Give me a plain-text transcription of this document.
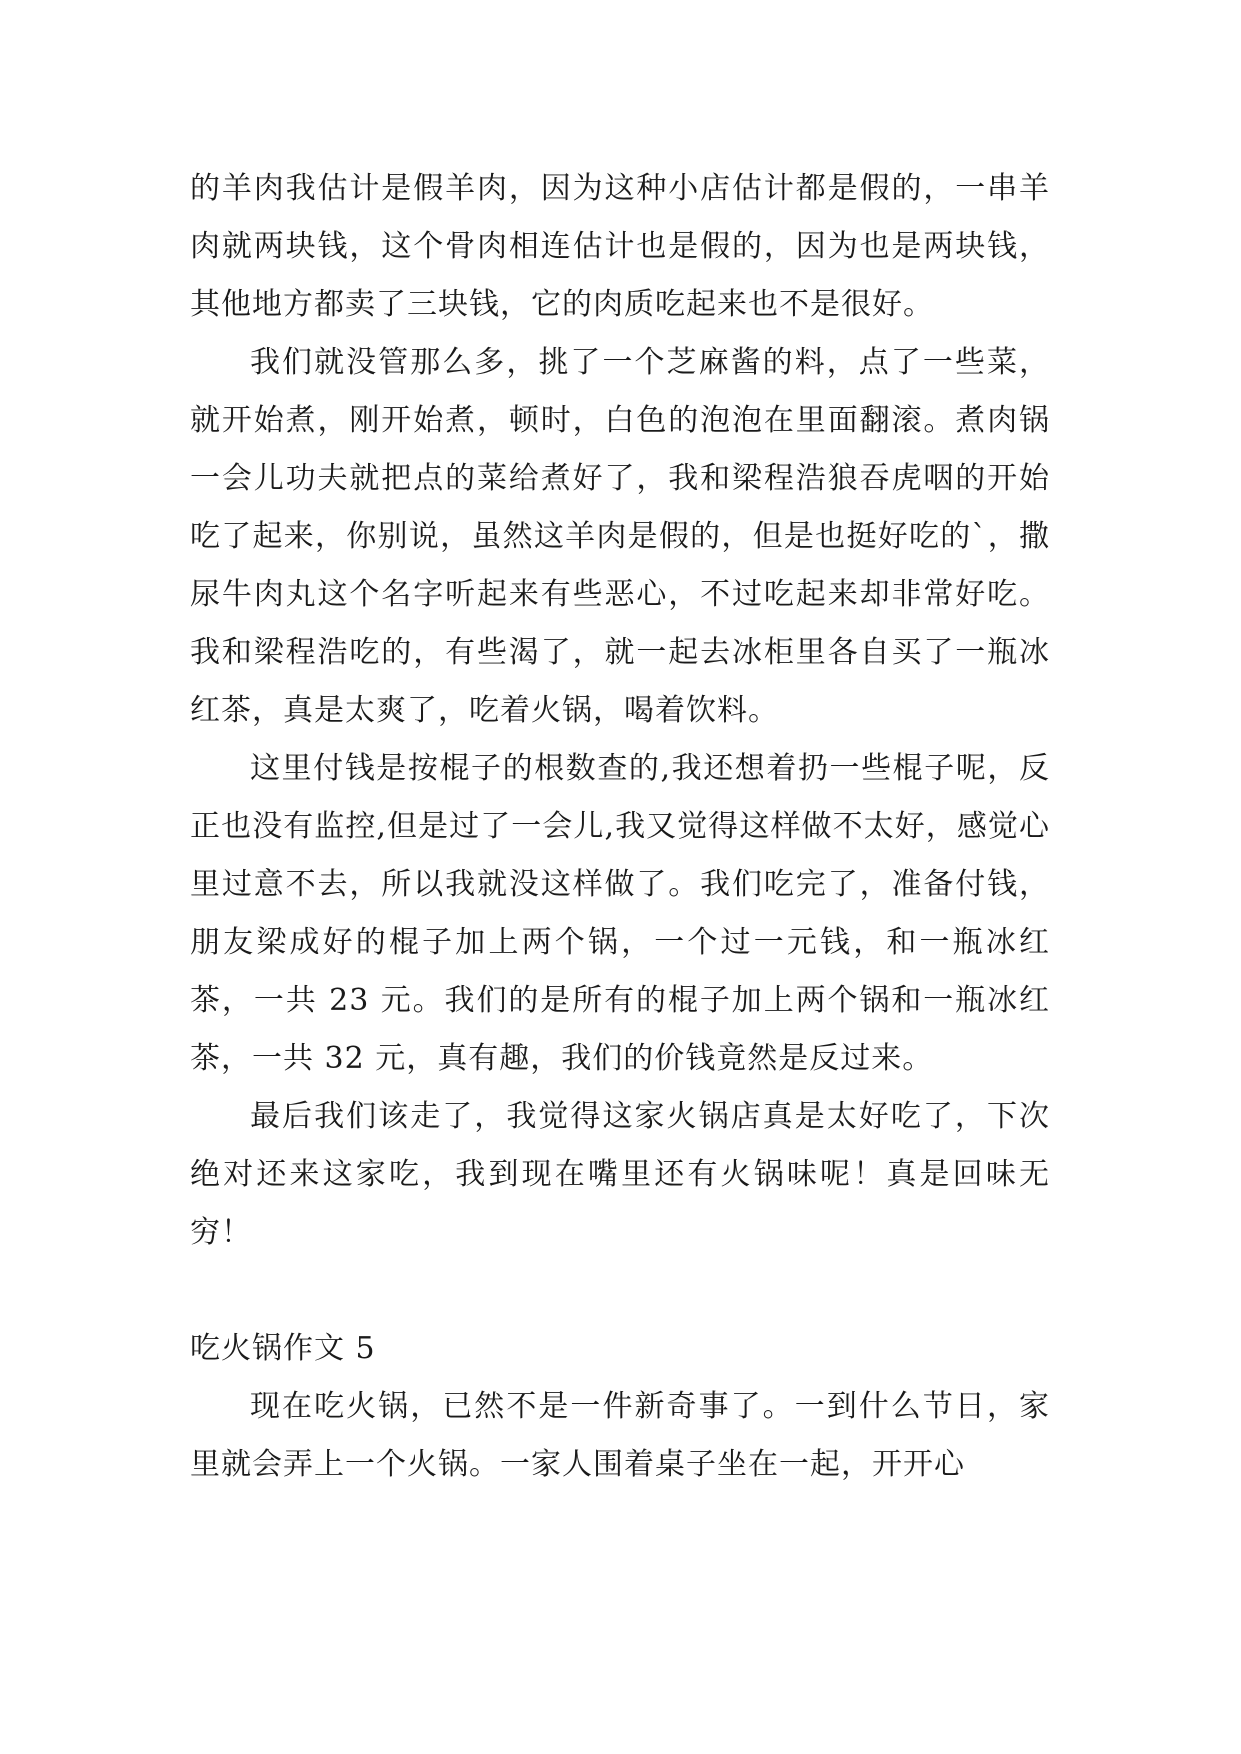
的羊肉我估计是假羊肉，因为这种小店估计都是假的，一串羊肉就两块钱，这个骨肉相连估计也是假的，因为也是两块钱，其他地方都卖了三块钱，它的肉质吃起来也不是很好。

我们就没管那么多，挑了一个芝麻酱的料，点了一些菜，就开始煮，刚开始煮，顿时，白色的泡泡在里面翻滚。煮肉锅一会儿功夫就把点的菜给煮好了，我和梁程浩狼吞虎咽的开始吃了起来，你别说，虽然这羊肉是假的，但是也挺好吃的`，撒尿牛肉丸这个名字听起来有些恶心，不过吃起来却非常好吃。我和梁程浩吃的，有些渴了，就一起去冰柜里各自买了一瓶冰红茶，真是太爽了，吃着火锅，喝着饮料。

这里付钱是按棍子的根数查的,我还想着扔一些棍子呢，反正也没有监控,但是过了一会儿,我又觉得这样做不太好，感觉心里过意不去，所以我就没这样做了。我们吃完了，准备付钱，朋友梁成好的棍子加上两个锅，一个过一元钱，和一瓶冰红茶，一共 23 元。我们的是所有的棍子加上两个锅和一瓶冰红茶，一共 32 元，真有趣，我们的价钱竟然是反过来。

最后我们该走了，我觉得这家火锅店真是太好吃了，下次绝对还来这家吃，我到现在嘴里还有火锅味呢！真是回味无穷！

吃火锅作文 5

现在吃火锅，已然不是一件新奇事了。一到什么节日，家里就会弄上一个火锅。一家人围着桌子坐在一起，开开心
